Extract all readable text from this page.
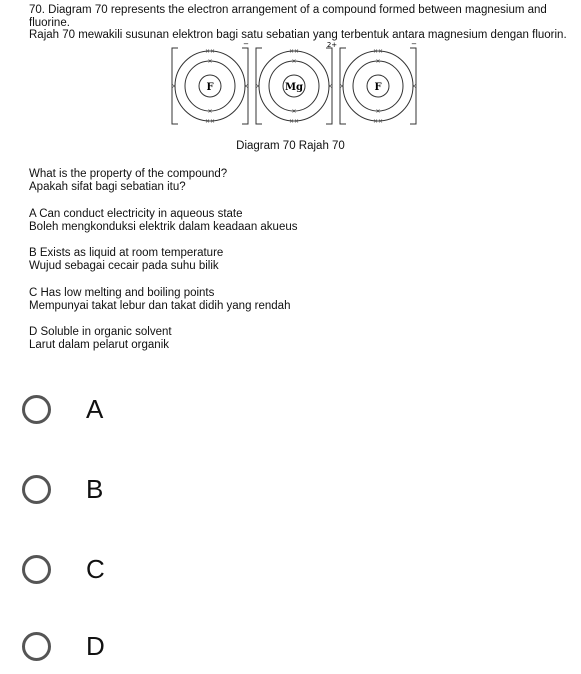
70. Diagram 70 represents the electron arrangement of a compound formed between magnesium and fluorine.

Rajah 70 mewakili susunan elektron bagi satu sebatian yang terbentuk antara magnesium dengan fluorin.

××
××
×	×
×
×
××
××
×	×
×
×
××
××
×	×
×
×
F	Mg	F
−	2+	−
Diagram 70 Rajah 70

What is the property of the compound?

Apakah sifat bagi sebatian itu?

A Can conduct electricity in aqueous state

Boleh mengkonduksi elektrik dalam keadaan akueus

B Exists as liquid at room temperature

Wujud sebagai cecair pada suhu bilik

C Has low melting and boiling points

Mempunyai takat lebur dan takat didih yang rendah

D Soluble in organic solvent

Larut dalam pelarut organik

A
B
C
D
